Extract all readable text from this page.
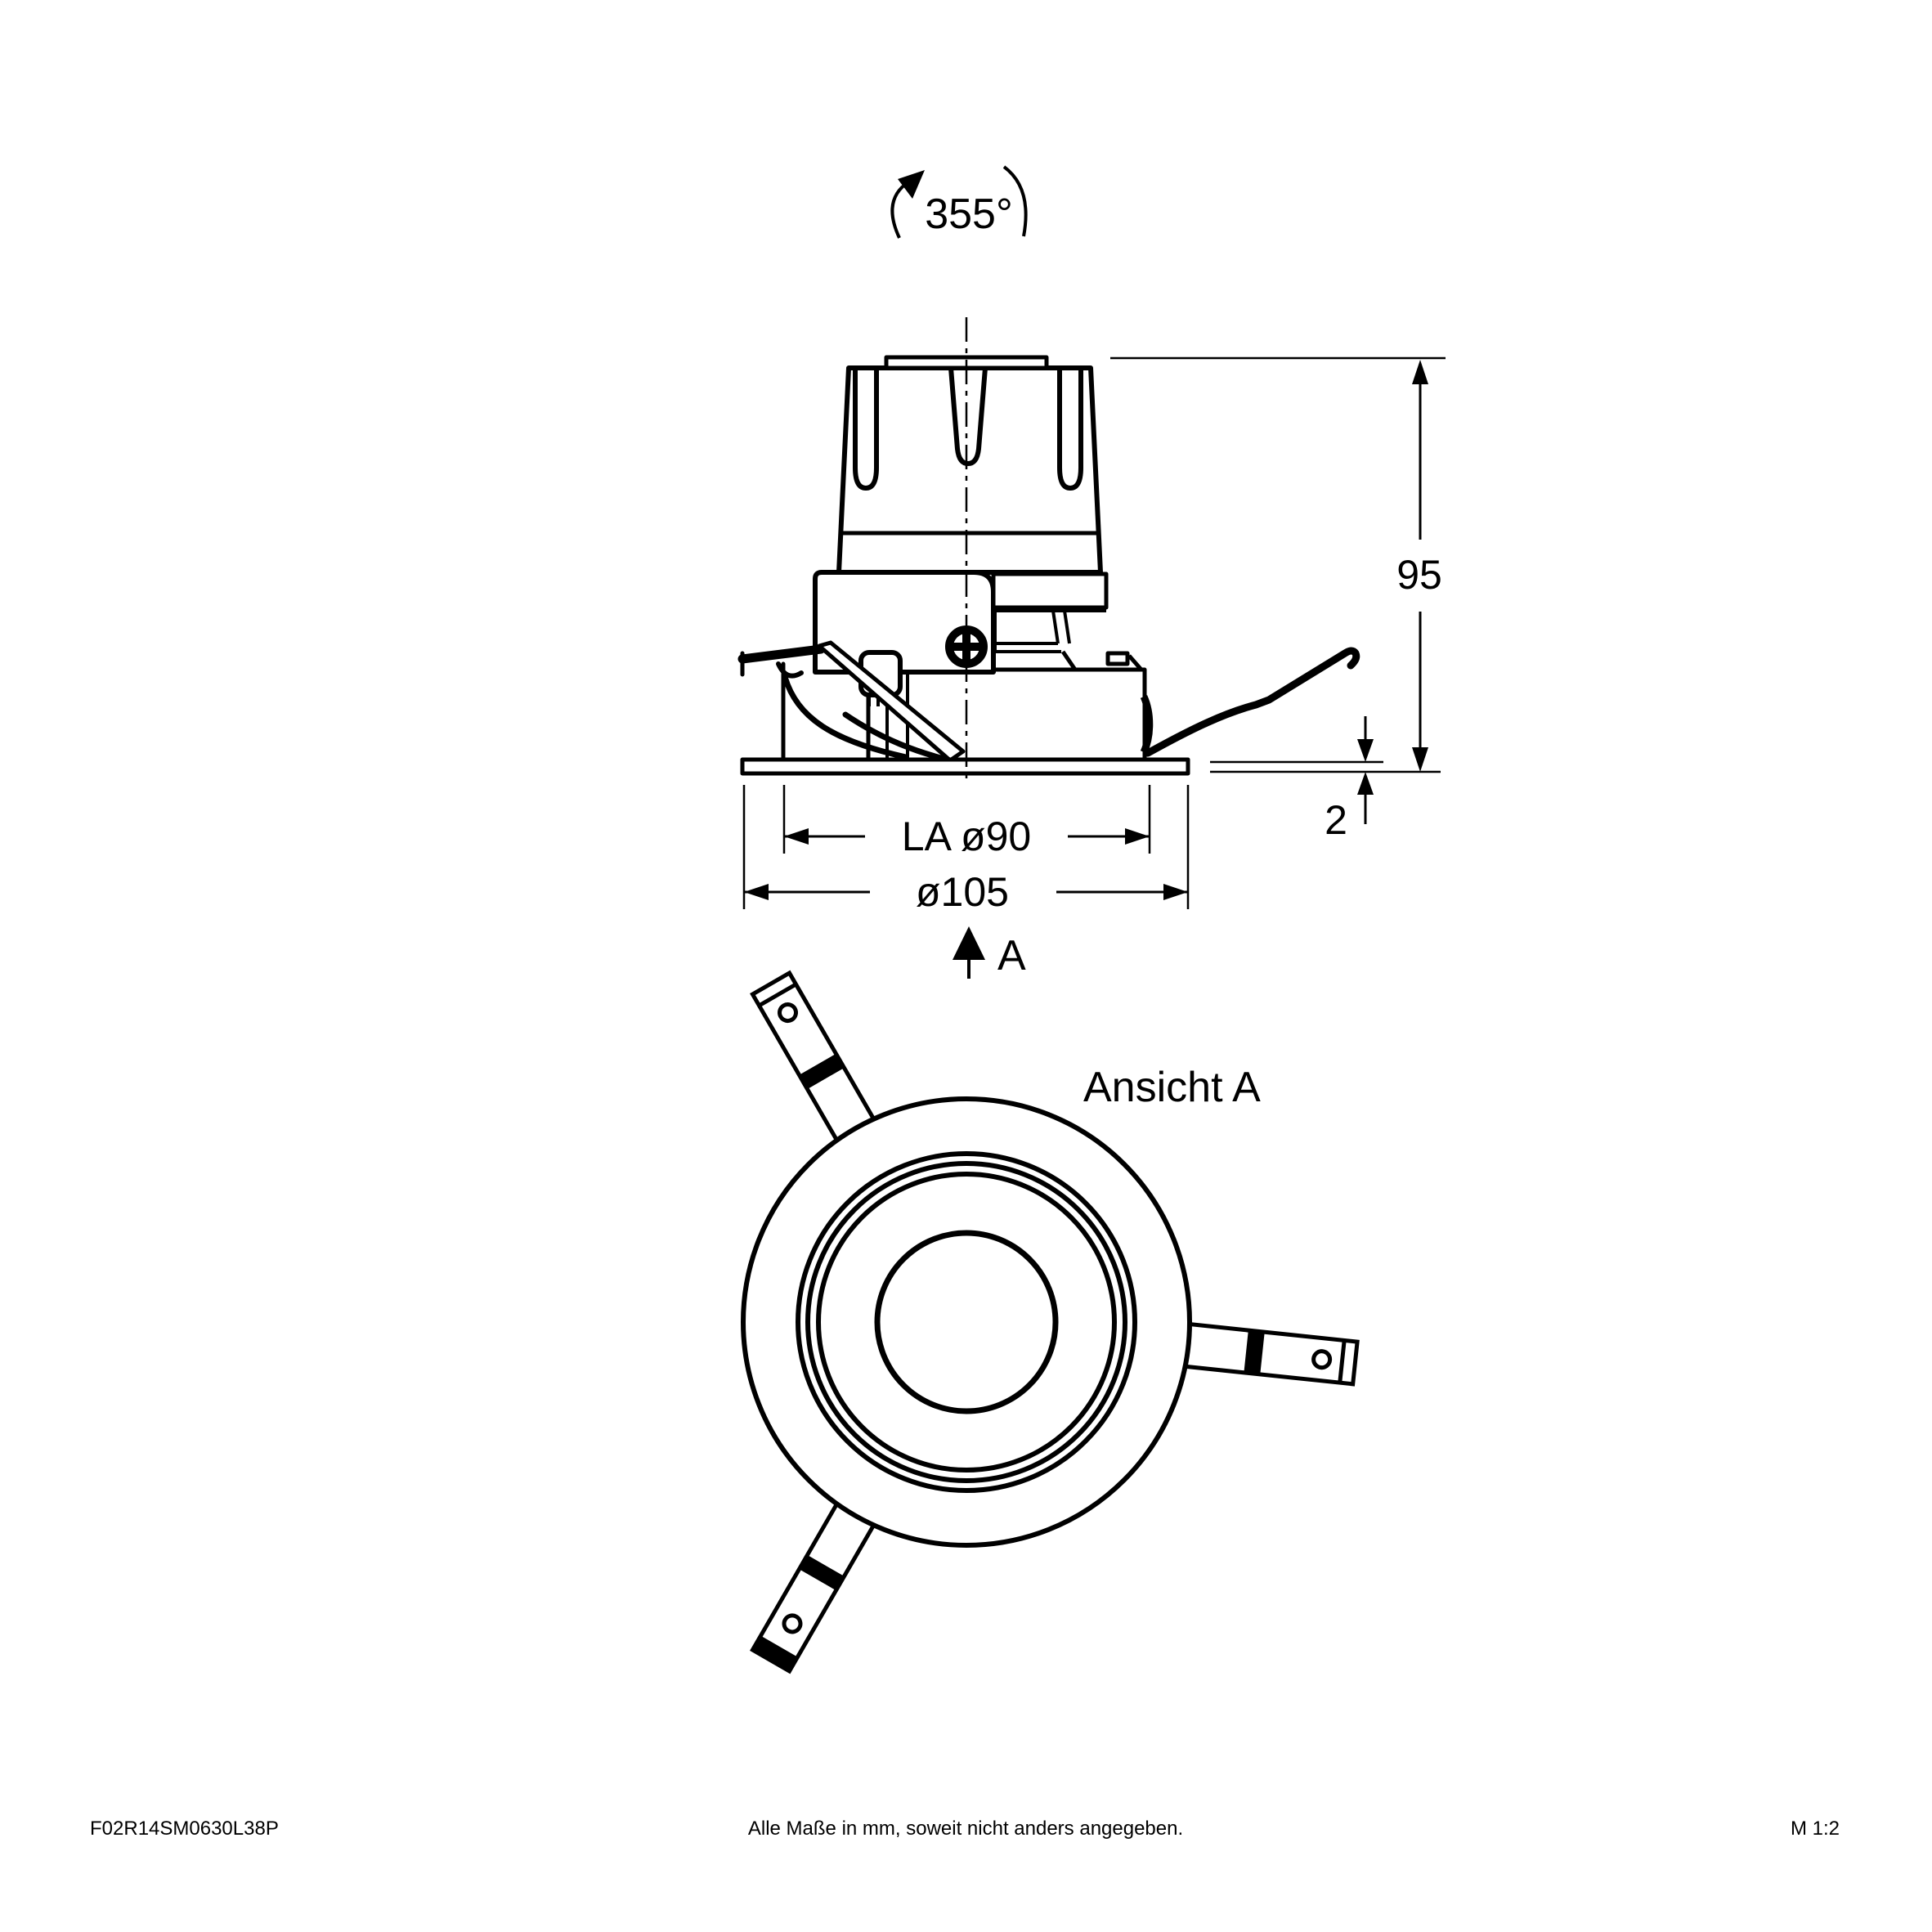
355°
95
2
LA ø90
ø105
A
Ansicht A
F02R14SM0630L38P	Alle Maße in mm, soweit nicht anders angegeben.	M 1:2
